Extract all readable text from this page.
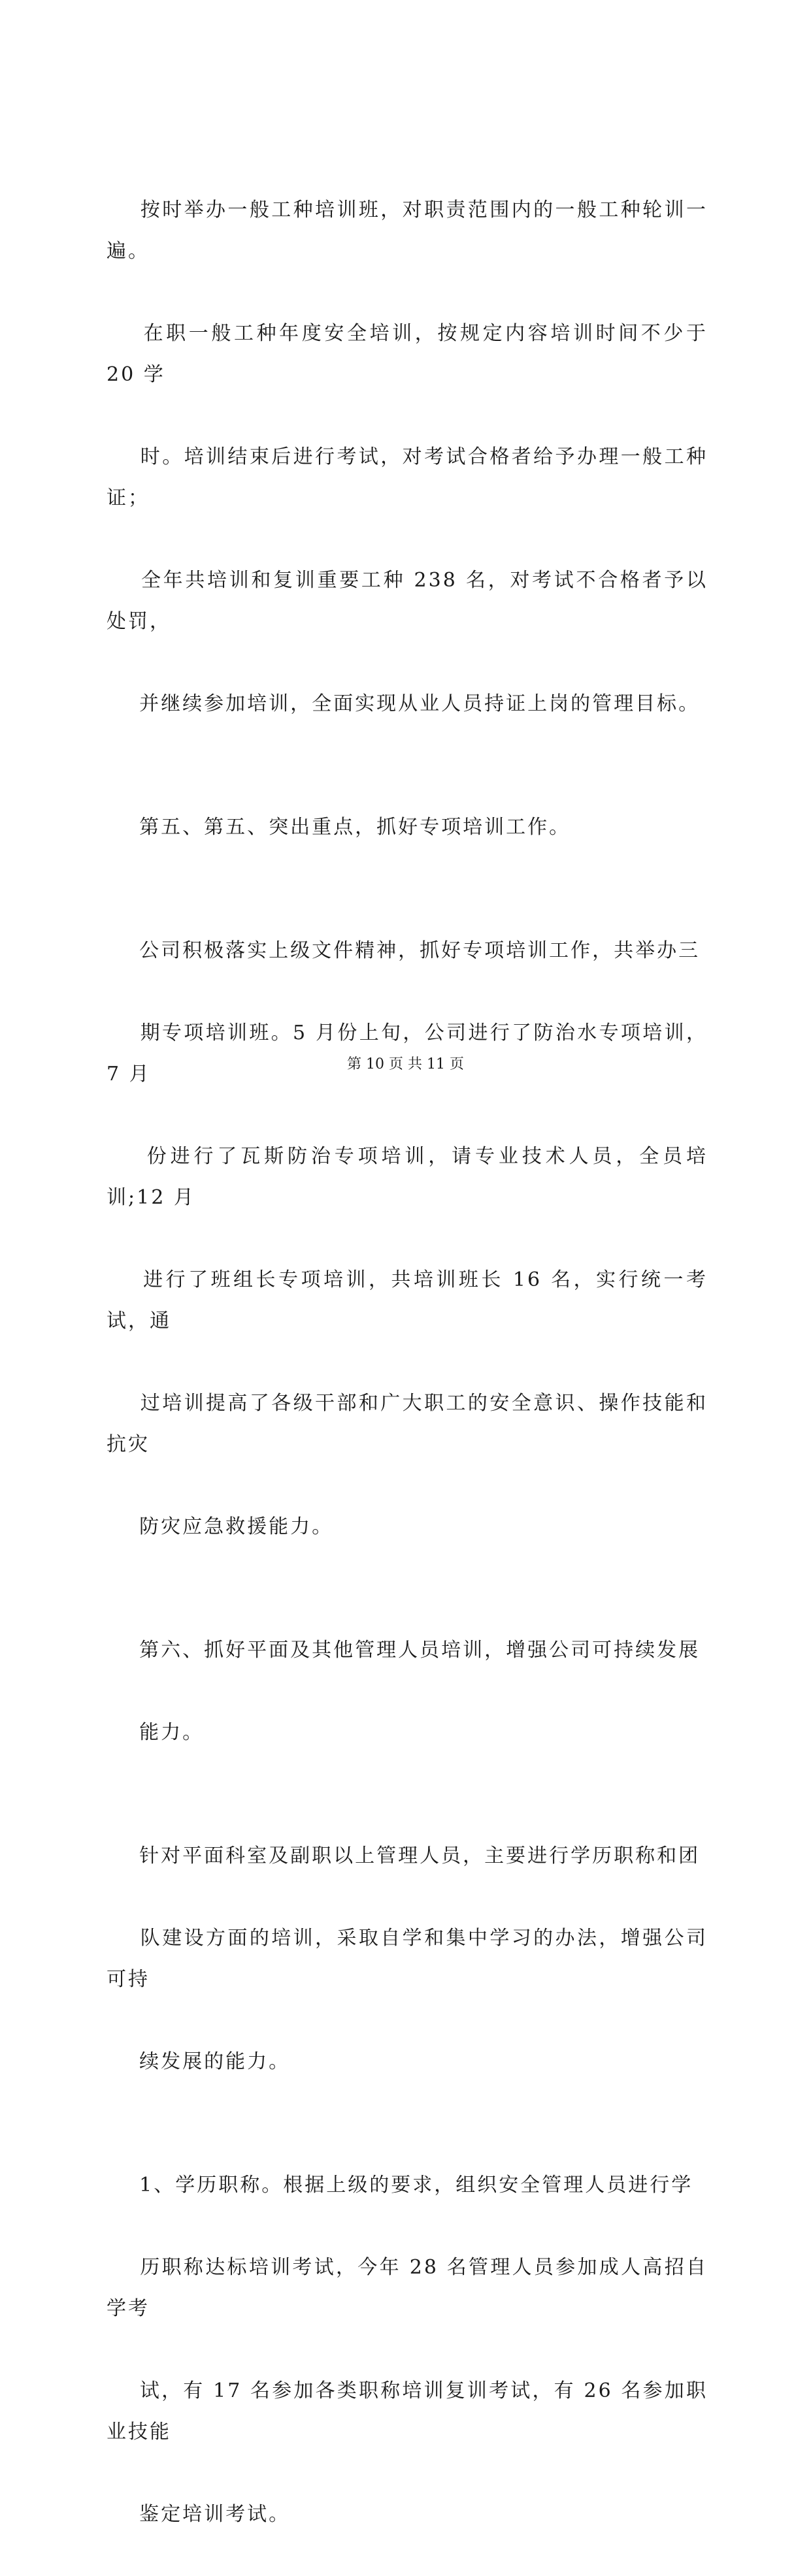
按时举办一般工种培训班，对职责范围内的一般工种轮训一遍。

在职一般工种年度安全培训，按规定内容培训时间不少于 20 学

时。培训结束后进行考试，对考试合格者给予办理一般工种证；

全年共培训和复训重要工种 238 名，对考试不合格者予以处罚，

并继续参加培训，全面实现从业人员持证上岗的管理目标。

第五、第五、突出重点，抓好专项培训工作。

公司积极落实上级文件精神，抓好专项培训工作，共举办三

期专项培训班。5 月份上旬，公司进行了防治水专项培训，7 月

份进行了瓦斯防治专项培训，请专业技术人员，全员培训;12 月

进行了班组长专项培训，共培训班长 16 名，实行统一考试，通

过培训提高了各级干部和广大职工的安全意识、操作技能和抗灾

防灾应急救援能力。

第六、抓好平面及其他管理人员培训，增强公司可持续发展

能力。

针对平面科室及副职以上管理人员，主要进行学历职称和团

队建设方面的培训，采取自学和集中学习的办法，增强公司可持

续发展的能力。

1、学历职称。根据上级的要求，组织安全管理人员进行学

历职称达标培训考试，今年 28 名管理人员参加成人高招自学考

试，有 17 名参加各类职称培训复训考试，有 26 名参加职业技能

鉴定培训考试。

第 10 页 共 11 页
